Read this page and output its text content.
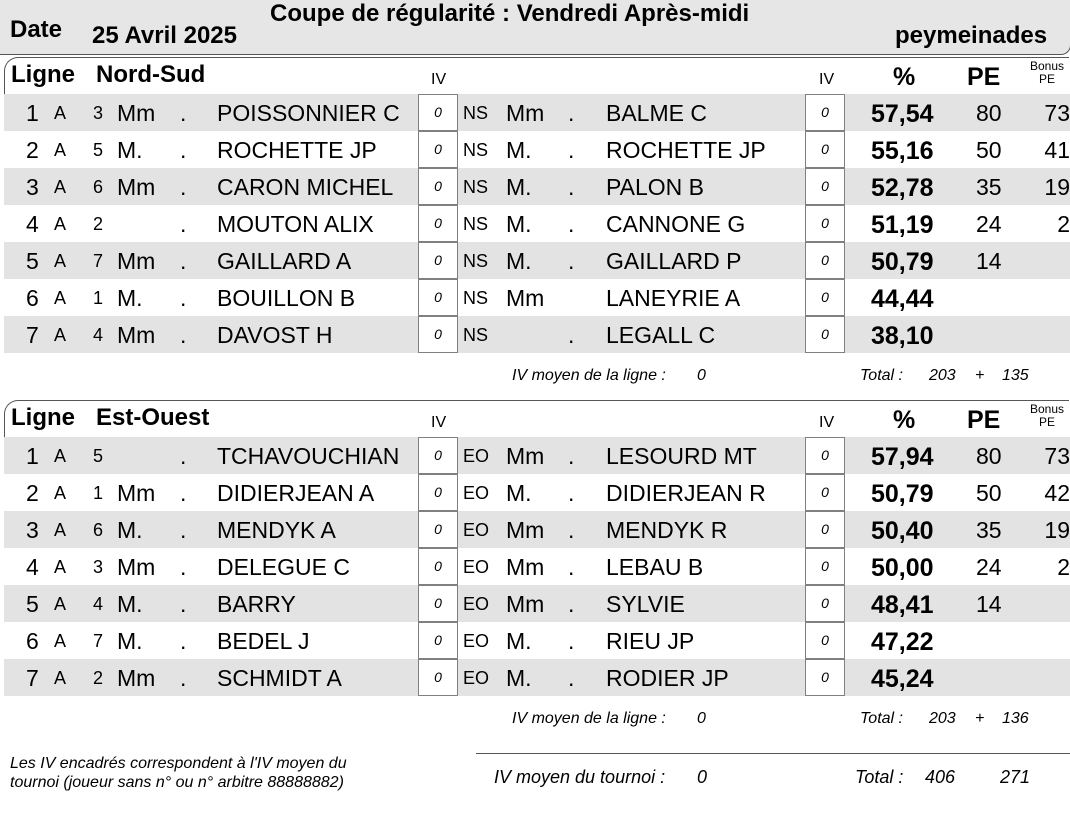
Date 25 Avril 2025
Coupe de régularité : Vendredi Après-midi
peymeinades
Ligne Nord-Sud	IV	IV % PE	Bonus
PE
1 A 3 Mm . POISSONNIER C	0	NS Mm . BALME C	0	57,54 80 73
2 A 5 M. . ROCHETTE JP	0	NS M. . ROCHETTE JP	0	55,16 50 41
3 A 6 Mm . CARON MICHEL	0	NS M. . PALON B	0	52,78 35 19
4 A 2	. MOUTON ALIX	0	NS M. . CANNONE G	0	51,19 24 2
5 A 7 Mm . GAILLARD A	0	NS M. . GAILLARD P	0	50,79 14
6 A 1 M. . BOUILLON B	0	NS Mm	LANEYRIE A	0	44,44
7 A 4 Mm . DAVOST H	0	NS	. LEGALL C	0	38,10
IV moyen de la ligne : 0	Total : 203 + 135
Ligne Est-Ouest	IV	IV % PE	Bonus
PE
1 A 5	. TCHAVOUCHIAN	0	EO Mm . LESOURD MT	0	57,94 80 73
2 A 1 Mm . DIDIERJEAN A	0	EO M. . DIDIERJEAN R	0	50,79 50 42
3 A 6 M. . MENDYK A	0	EO Mm . MENDYK R	0	50,40 35 19
4 A 3 Mm . DELEGUE C	0	EO Mm . LEBAU B	0	50,00 24 2
5 A 4 M. . BARRY	0	EO Mm . SYLVIE	0	48,41 14
6 A 7 M. . BEDEL J	0	EO M. . RIEU JP	0	47,22
7 A 2 Mm . SCHMIDT A	0	EO M. . RODIER JP	0	45,24
IV moyen de la ligne : 0	Total : 203 + 136
Les IV encadrés correspondent à l'IV moyen du
tournoi (joueur sans n° ou n° arbitre 88888882)	IV moyen du tournoi : 0	Total : 406 271
